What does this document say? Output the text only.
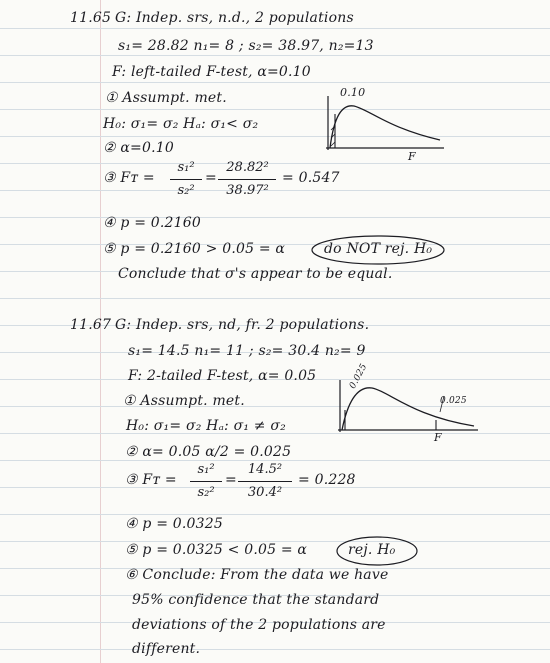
11.65 G: Indep. srs, n.d., 2 populations
s₁= 28.82 n₁= 8 ; s₂= 38.97, n₂=13
F: left-tailed F-test, α=0.10
① Assumpt. met.
H₀: σ₁= σ₂ Hₐ: σ₁< σ₂
② α=0.10
③ Fᴛ =
s₁²
s₂²
=
28.82²
38.97²
= 0.547
④ p = 0.2160
⑤ p = 0.2160 > 0.05 = α	do NOT rej. H₀
Conclude that σ's appear to be equal.
0.10
F
11.67 G: Indep. srs, nd, fr. 2 populations.
s₁= 14.5 n₁= 11 ; s₂= 30.4 n₂= 9
F: 2-tailed F-test, α= 0.05
① Assumpt. met.
H₀: σ₁= σ₂ Hₐ: σ₁ ≠ σ₂
② α= 0.05 α/2 = 0.025
③ Fᴛ =
s₁²
s₂²
=
14.5²
30.4²
= 0.228
④ p = 0.0325
⑤ p = 0.0325 < 0.05 = α	rej. H₀
⑥ Conclude: From the data we have
95% confidence that the standard
deviations of the 2 populations are
different.
0.025
0.025
F
